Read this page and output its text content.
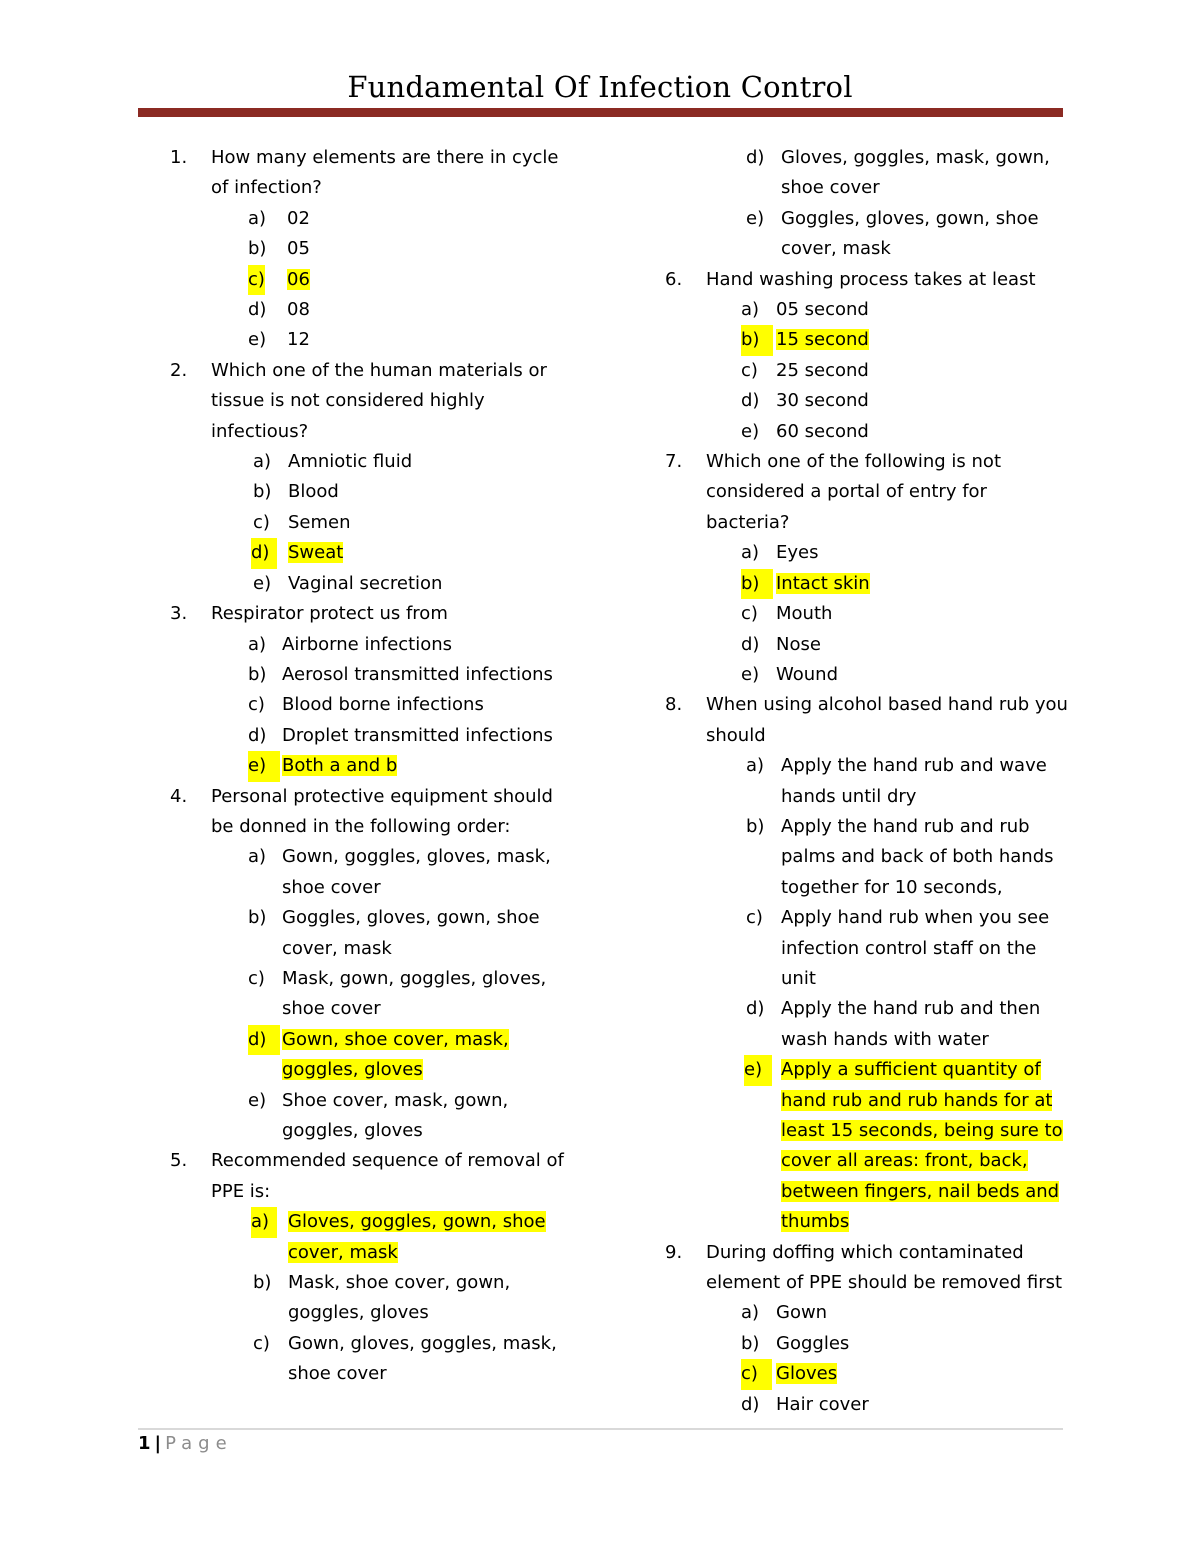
Fundamental Of Infection Control
1. How many elements are there in cycle
of infection?
a) 02
b) 05
c) 06
d) 08
e) 12
2. Which one of the human materials or
tissue is not considered highly
infectious?
a) Amniotic fluid
b) Blood
c) Semen
d)	Sweat
e) Vaginal secretion
3. Respirator protect us from
a) Airborne infections
b) Aerosol transmitted infections
c) Blood borne infections
d) Droplet transmitted infections
e) Both a and b
4. Personal protective equipment should
be donned in the following order:
a) Gown, goggles, gloves, mask,
shoe cover
b) Goggles, gloves, gown, shoe
cover, mask
c) Mask, gown, goggles, gloves,
shoe cover
d) Gown, shoe cover, mask,
goggles, gloves
e) Shoe cover, mask, gown,
goggles, gloves
5. Recommended sequence of removal of
PPE is:
a)	Gloves, goggles, gown, shoe
cover, mask
b) Mask, shoe cover, gown,
goggles, gloves
c) Gown, gloves, goggles, mask,
shoe cover
d) Gloves, goggles, mask, gown,
shoe cover
e) Goggles, gloves, gown, shoe
cover, mask
6. Hand washing process takes at least
a) 05 second
b) 15 second
c) 25 second
d) 30 second
e) 60 second
7. Which one of the following is not
considered a portal of entry for
bacteria?
a) Eyes
b) Intact skin
c) Mouth
d) Nose
e) Wound
8. When using alcohol based hand rub you
should
a) Apply the hand rub and wave
hands until dry
b) Apply the hand rub and rub
palms and back of both hands
together for 10 seconds,
c) Apply hand rub when you see
infection control staff on the
unit
d) Apply the hand rub and then
wash hands with water
e)	Apply a sufficient quantity of
hand rub and rub hands for at
least 15 seconds, being sure to
cover all areas: front, back,
between fingers, nail beds and
thumbs
9. During doffing which contaminated
element of PPE should be removed first
a) Gown
b) Goggles
c)	Gloves
d) Hair cover
1 | Page
